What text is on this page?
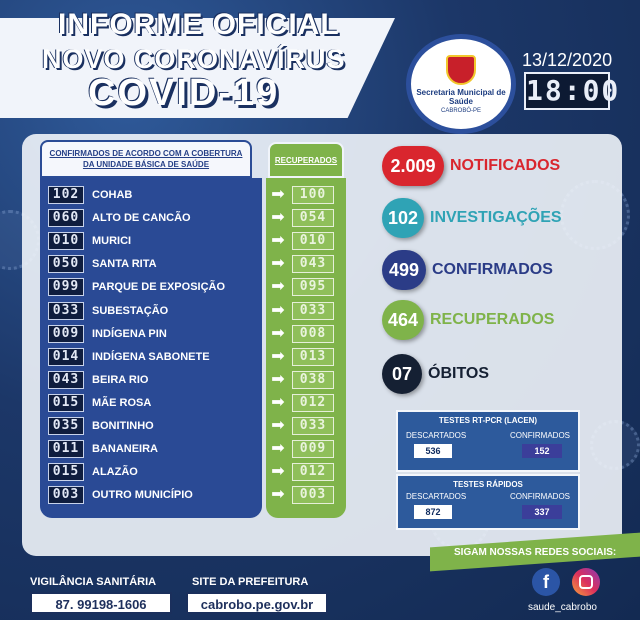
INFORME OFICIAL
NOVO CORONAVÍRUS
COVID-19	Secretaria Municipal de Saúde
CABROBÓ-PE
13/12/2020
18:00
CONFIRMADOS DE ACORDO COM A COBERTURA
DA UNIDADE BÁSICA DE SAÚDE	RECUPERADOS
102	COHAB	➡	100
060	ALTO DE CANCÃO	➡	054
010	MURICI	➡	010
050	SANTA RITA	➡	043
099	PARQUE DE EXPOSIÇÃO	➡	095
033	SUBESTAÇÃO	➡	033
009	INDÍGENA PIN	➡	008
014	INDÍGENA SABONETE	➡	013
043	BEIRA RIO	➡	038
015	MÃE ROSA	➡	012
035	BONITINHO	➡	033
011	BANANEIRA	➡	009
015	ALAZÃO	➡	012
003	OUTRO MUNICÍPIO	➡	003
2.009 NOTIFICADOS
102 INVESTIGAÇÕES
499 CONFIRMADOS
464 RECUPERADOS
07 ÓBITOS
TESTES RT-PCR (LACEN)
DESCARTADOS	CONFIRMADOS
536	152
TESTES RÁPIDOS
DESCARTADOS	CONFIRMADOS
872	337
VIGILÂNCIA SANITÁRIA
87. 99198-1606
SITE DA PREFEITURA
cabrobo.pe.gov.br
SIGAM NOSSAS REDES SOCIAIS:
f
saude_cabrobo
